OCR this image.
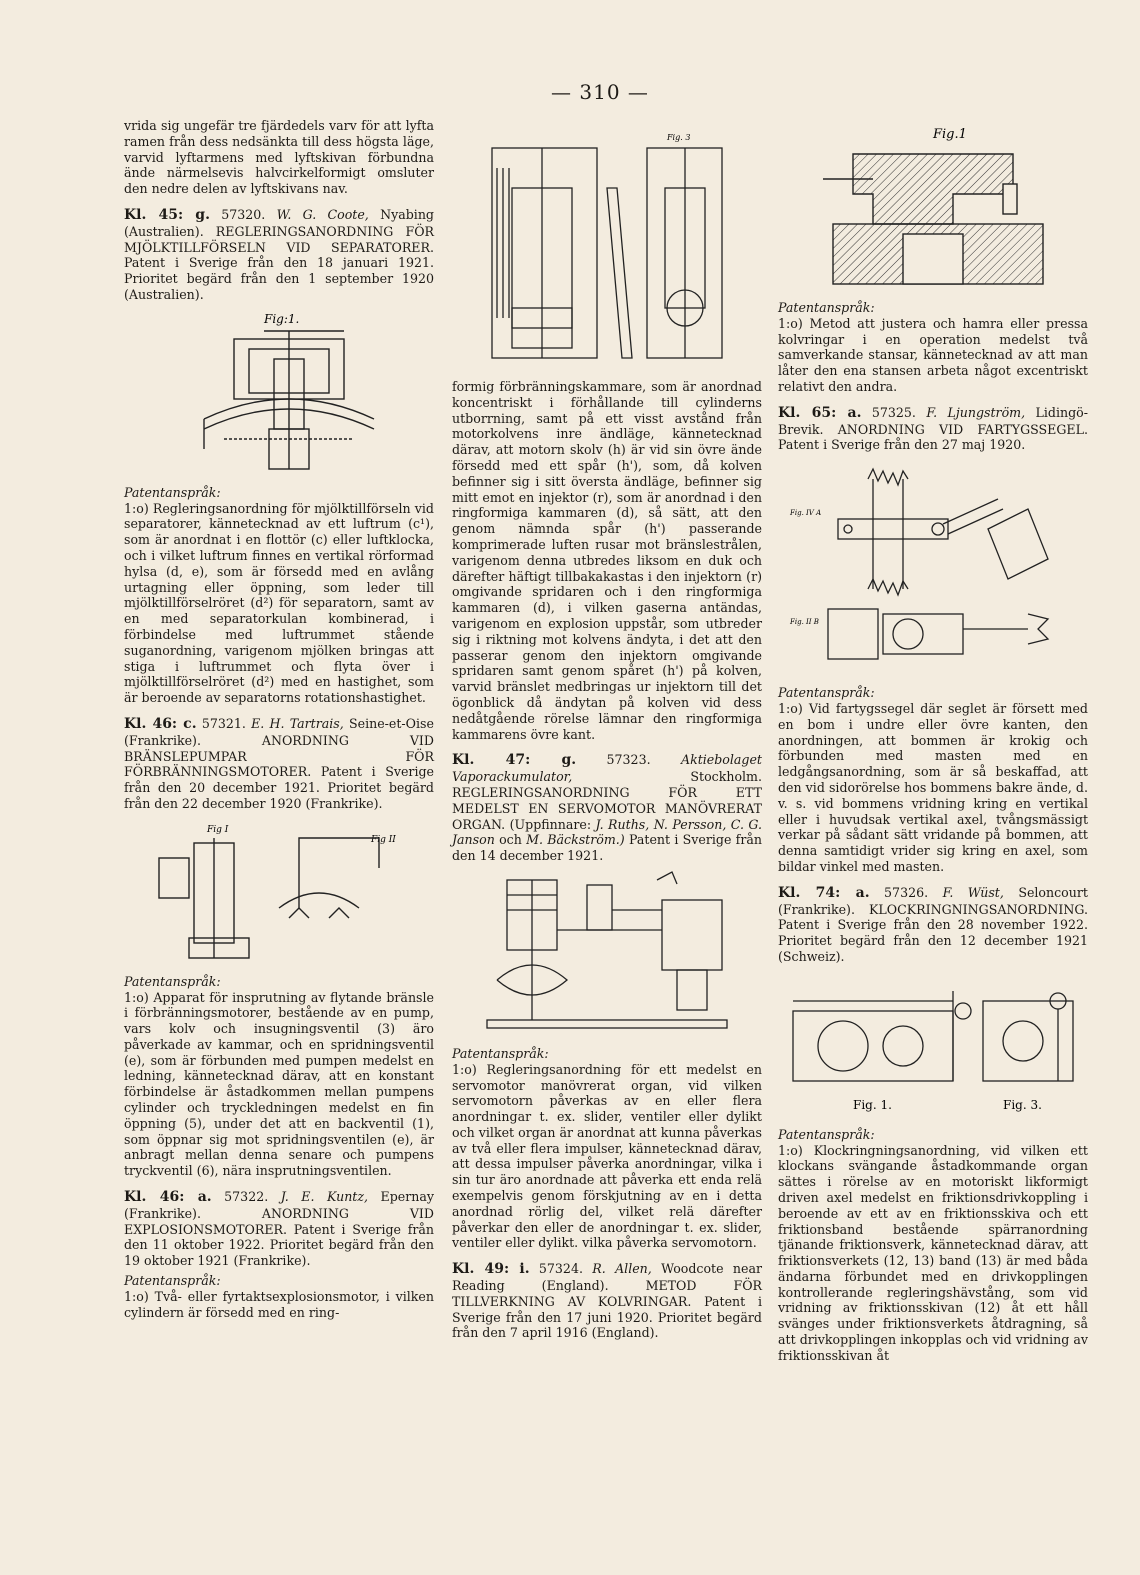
— 310 —

vrida sig ungefär tre fjärdedels varv för att lyfta ramen från dess nedsänkta till dess högsta läge, varvid lyftarmens med lyftskivan förbundna ände närmelsevis halvcirkelformigt omsluter den nedre delen av lyftskivans nav.

Kl. 45: g. 57320. W. G. Coote, Nyabing (Australien). REGLERINGSANORDNING FÖR MJÖLKTILLFÖRSELN VID SEPARATORER. Patent i Sverige från den 18 januari 1921. Prioritet begärd från den 1 september 1920 (Australien).

Fig:1.
Patentanspråk:

1:o) Regleringsanordning för mjölktillförseln vid separatorer, kännetecknad av ett luftrum (c¹), som är anordnat i en flottör (c) eller luftklocka, och i vilket luftrum finnes en vertikal rörformad hylsa (d, e), som är försedd med en avlång urtagning eller öppning, som leder till mjölktillförselröret (d²) för separatorn, samt av en med separatorkulan kombinerad, i förbindelse med luftrummet stående suganordning, varigenom mjölken bringas att stiga i luftrummet och flyta över i mjölktillförselröret (d²) med en hastighet, som är beroende av separatorns rotationshastighet.

Kl. 46: c. 57321. E. H. Tartrais, Seine-et-Oise (Frankrike). ANORDNING VID BRÄNSLEPUMPAR FÖR FÖRBRÄNNINGSMOTORER. Patent i Sverige från den 20 december 1921. Prioritet begärd från den 22 december 1920 (Frankrike).

Fig I
Fig II
Patentanspråk:

1:o) Apparat för insprutning av flytande bränsle i förbränningsmotorer, bestående av en pump, vars kolv och insugningsventil (3) äro påverkade av kammar, och en spridningsventil (e), som är förbunden med pumpen medelst en ledning, kännetecknad därav, att en konstant förbindelse är åstadkommen mellan pumpens cylinder och tryckledningen medelst en fin öppning (5), under det att en backventil (1), som öppnar sig mot spridningsventilen (e), är anbragt mellan denna senare och pumpens tryckventil (6), nära insprutningsventilen.

Kl. 46: a. 57322. J. E. Kuntz, Epernay (Frankrike). ANORDNING VID EXPLOSIONSMOTORER. Patent i Sverige från den 11 oktober 1922. Prioritet begärd från den 19 oktober 1921 (Frankrike).

Patentanspråk:

1:o) Två- eller fyrtaktsexplosionsmotor, i vilken cylindern är försedd med en ring-

Fig. 3

formig förbränningskammare, som är anordnad koncentriskt i förhållande till cylinderns utborrning, samt på ett visst avstånd från motorkolvens inre ändläge, kännetecknad därav, att motorn skolv (h) är vid sin övre ände försedd med ett spår (h'), som, då kolven befinner sig i sitt översta ändläge, befinner sig mitt emot en injektor (r), som är anordnad i den ringformiga kammaren (d), så sätt, att den genom nämnda spår (h') passerande komprimerade luften rusar mot bränslestrålen, varigenom denna utbredes liksom en duk och därefter häftigt tillbakakastas i den injektorn (r) omgivande spridaren och i den ringformiga kammaren (d), i vilken gaserna antändas, varigenom en explosion uppstår, som utbreder sig i riktning mot kolvens ändyta, i det att den passerar genom den injektorn omgivande spridaren samt genom spåret (h') på kolven, varvid bränslet medbringas ur injektorn till det ögonblick då ändytan på kolven vid dess nedåtgående rörelse lämnar den ringformiga kammarens övre kant.

Kl. 47: g. 57323. Aktiebolaget Vaporackumulator,	Stockholm. REGLERINGSANORDNING FÖR ETT MEDELST EN SERVOMOTOR MANÖVRERAT ORGAN. (Uppfinnare: J. Ruths, N. Persson, C. G. Janson och M. Bäckström.) Patent i Sverige från den 14 december 1921.

Patentanspråk:

1:o) Regleringsanordning för ett medelst en servomotor manövrerat organ, vid vilken servomotorn påverkas av en eller flera anordningar t. ex. slider, ventiler eller dylikt och vilket organ är anordnat att kunna påverkas av två eller flera impulser, kännetecknad därav, att dessa impulser påverka anordningar, vilka i sin tur äro anordnade att påverka ett enda relä exempelvis genom förskjutning av en i detta anordnad rörlig del, vilket relä därefter påverkar den eller de anordningar t. ex. slider, ventiler eller dylikt. vilka påverka servomotorn.

Kl. 49: i. 57324. R. Allen, Woodcote near Reading (England). METOD FÖR TILLVERKNING AV KOLVRINGAR. Patent i Sverige från den 17 juni 1920. Prioritet begärd från den 7 april 1916 (England).

Fig.1
Patentanspråk:

1:o) Metod att justera och hamra eller pressa kolvringar i en operation medelst två samverkande stansar, kännetecknad av att man låter den ena stansen arbeta något excentriskt relativt den andra.

Kl. 65: a. 57325. F. Ljungström, Lidingö-Brevik. ANORDNING VID FARTYGSSEGEL. Patent i Sverige från den 27 maj 1920.

Fig. IV A
Fig. II B
Patentanspråk:

1:o) Vid fartygssegel där seglet är försett med en bom i undre eller övre kanten, den anordningen, att bommen är krokig och förbunden med masten med en ledgångsanordning, som är så beskaffad, att den vid sidorörelse hos bommens bakre ände, d. v. s. vid bommens vridning kring en vertikal eller i huvudsak vertikal axel, tvångsmässigt verkar på sådant sätt vridande på bommen, att denna samtidigt vrider sig kring en axel, som bildar vinkel med masten.

Kl. 74: a. 57326. F. Wüst, Seloncourt (Frankrike). KLOCKRINGNINGSANORDNING. Patent i Sverige från den 28 november 1922. Prioritet begärd från den 12 december 1921 (Schweiz).

Fig. 1.	Fig. 3.
Patentanspråk:

1:o) Klockringningsanordning, vid vilken ett klockans svängande åstadkommande organ sättes i rörelse av en motoriskt likformigt driven axel medelst en friktionsdrivkoppling i beroende av ett av en friktionsskiva och ett friktionsband bestående spärranordning tjänande friktionsverk, kännetecknad därav, att friktionsverkets (12, 13) band (13) är med båda ändarna förbundet med en drivkopplingen kontrollerande regleringshävstång, som vid vridning av friktionsskivan (12) åt ett håll svänges under friktionsverkets åtdragning, så att drivkopplingen inkopplas och vid vridning av friktionsskivan åt
